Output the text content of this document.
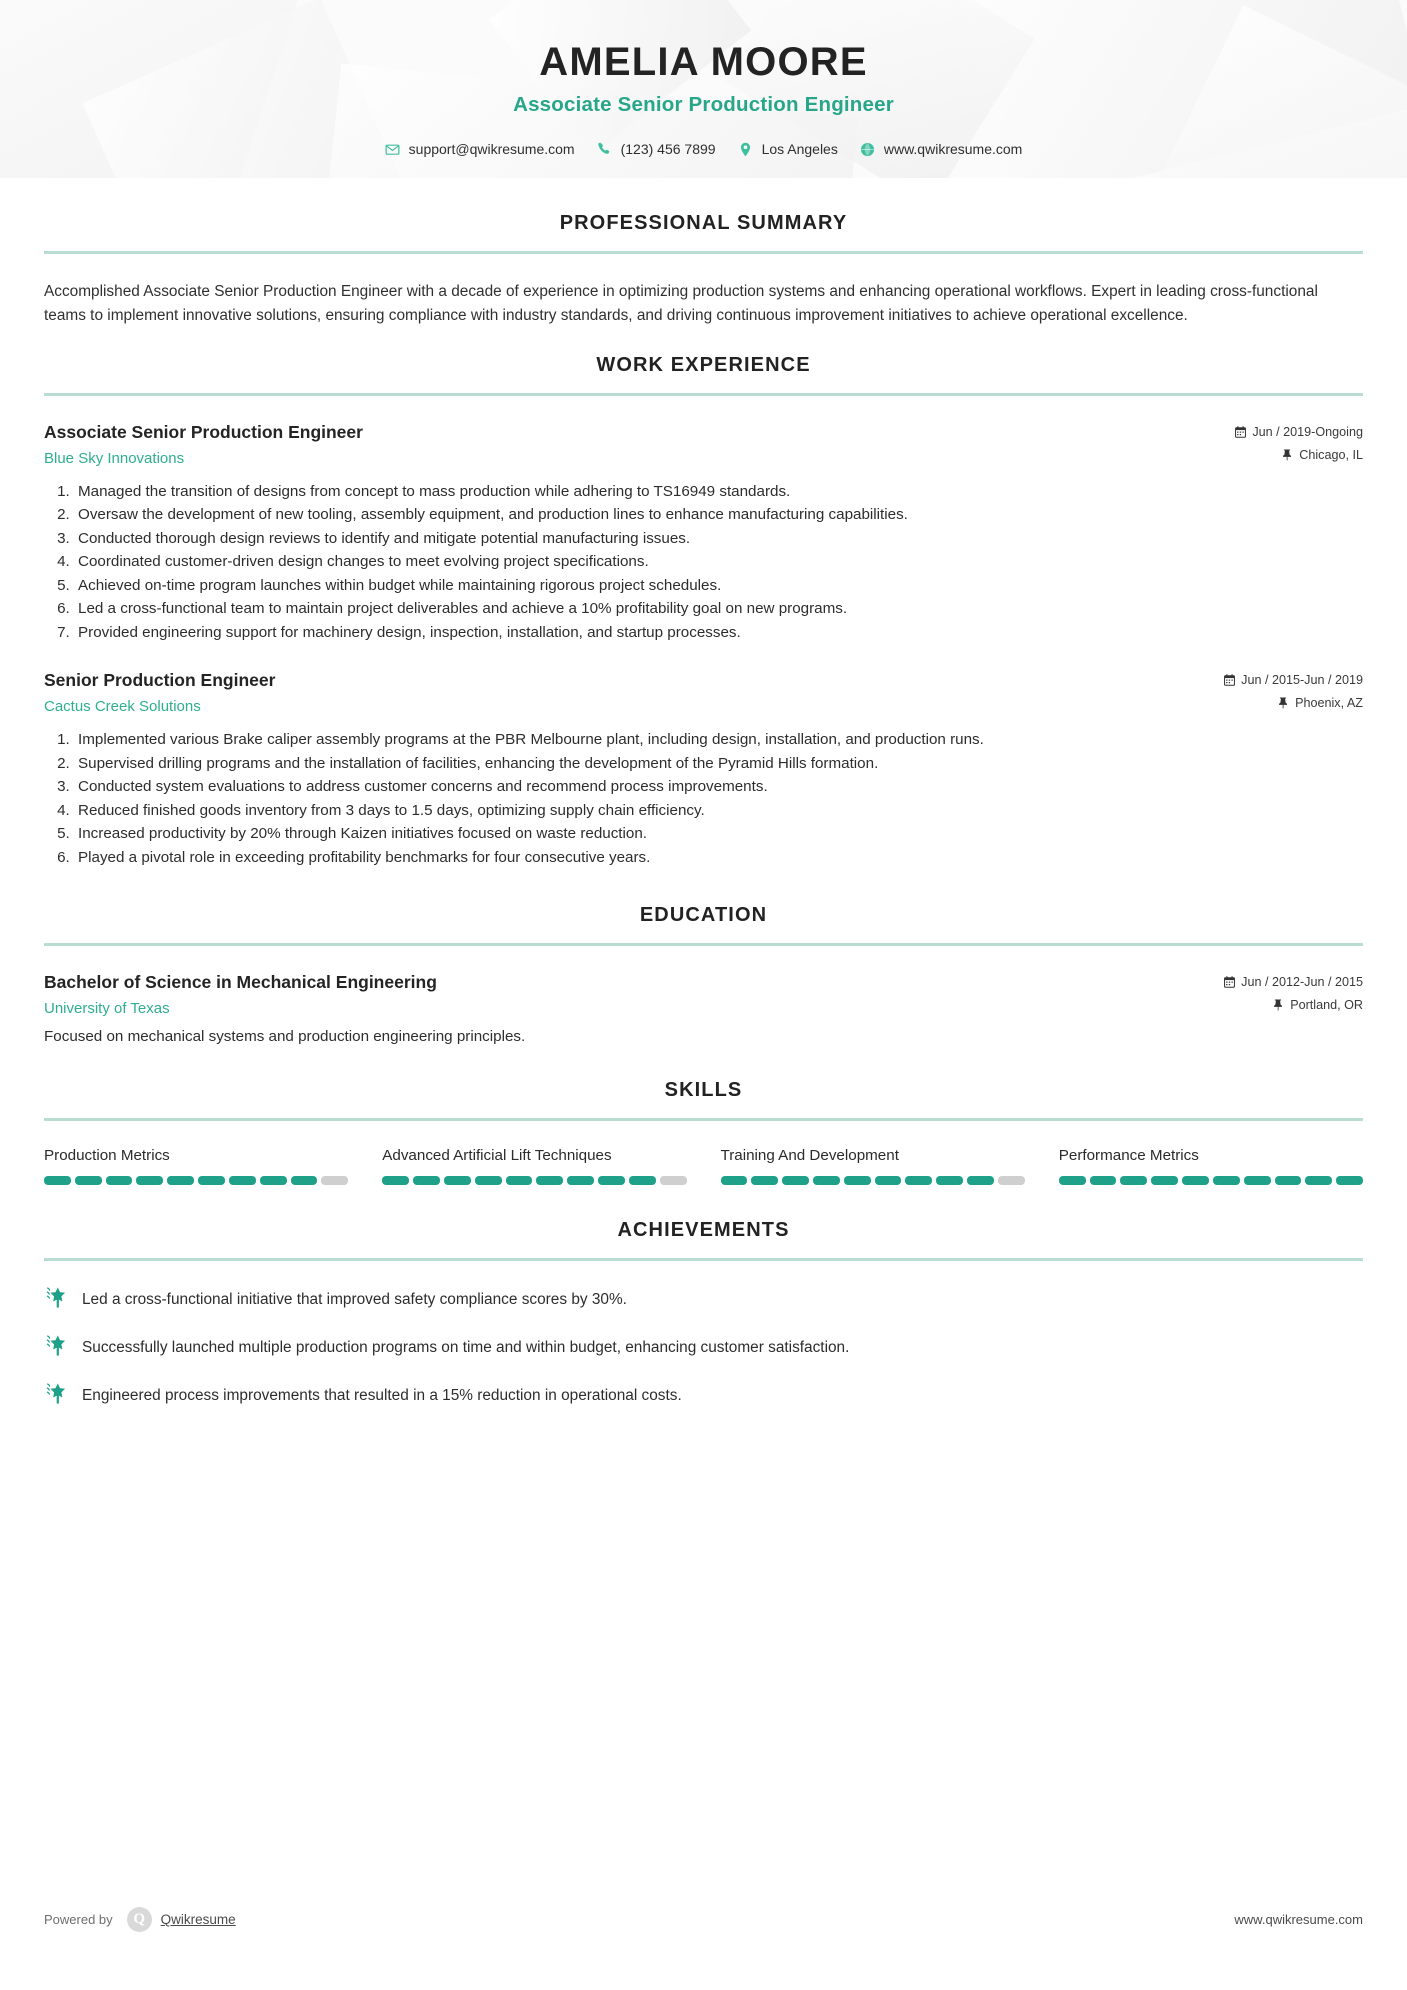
AMELIA MOORE
Associate Senior Production Engineer
support@qwikresume.com	(123) 456 7899	Los Angeles	www.qwikresume.com
PROFESSIONAL SUMMARY

Accomplished Associate Senior Production Engineer with a decade of experience in optimizing production systems and enhancing operational workflows. Expert in leading cross-functional teams to implement innovative solutions, ensuring compliance with industry standards, and driving continuous improvement initiatives to achieve operational excellence.

WORK EXPERIENCE
Associate Senior Production Engineer
Blue Sky Innovations
Jun / 2019-Ongoing
Chicago, IL
1. Managed the transition of designs from concept to mass production while adhering to TS16949 standards.
2. Oversaw the development of new tooling, assembly equipment, and production lines to enhance manufacturing capabilities.
3. Conducted thorough design reviews to identify and mitigate potential manufacturing issues.
4. Coordinated customer-driven design changes to meet evolving project specifications.
5. Achieved on-time program launches within budget while maintaining rigorous project schedules.
6. Led a cross-functional team to maintain project deliverables and achieve a 10% profitability goal on new programs.
7. Provided engineering support for machinery design, inspection, installation, and startup processes.
Senior Production Engineer
Cactus Creek Solutions
Jun / 2015-Jun / 2019
Phoenix, AZ
1. Implemented various Brake caliper assembly programs at the PBR Melbourne plant, including design, installation, and production runs.
2. Supervised drilling programs and the installation of facilities, enhancing the development of the Pyramid Hills formation.
3. Conducted system evaluations to address customer concerns and recommend process improvements.
4. Reduced finished goods inventory from 3 days to 1.5 days, optimizing supply chain efficiency.
5. Increased productivity by 20% through Kaizen initiatives focused on waste reduction.
6. Played a pivotal role in exceeding profitability benchmarks for four consecutive years.
EDUCATION
Bachelor of Science in Mechanical Engineering
University of Texas
Jun / 2012-Jun / 2015
Portland, OR
Focused on mechanical systems and production engineering principles.
SKILLS
Production Metrics	Advanced Artificial Lift Techniques	Training And Development	Performance Metrics
ACHIEVEMENTS
Led a cross-functional initiative that improved safety compliance scores by 30%.
Successfully launched multiple production programs on time and within budget, enhancing customer satisfaction.
Engineered process improvements that resulted in a 15% reduction in operational costs.
Powered by	Q	Qwikresume	www.qwikresume.com
